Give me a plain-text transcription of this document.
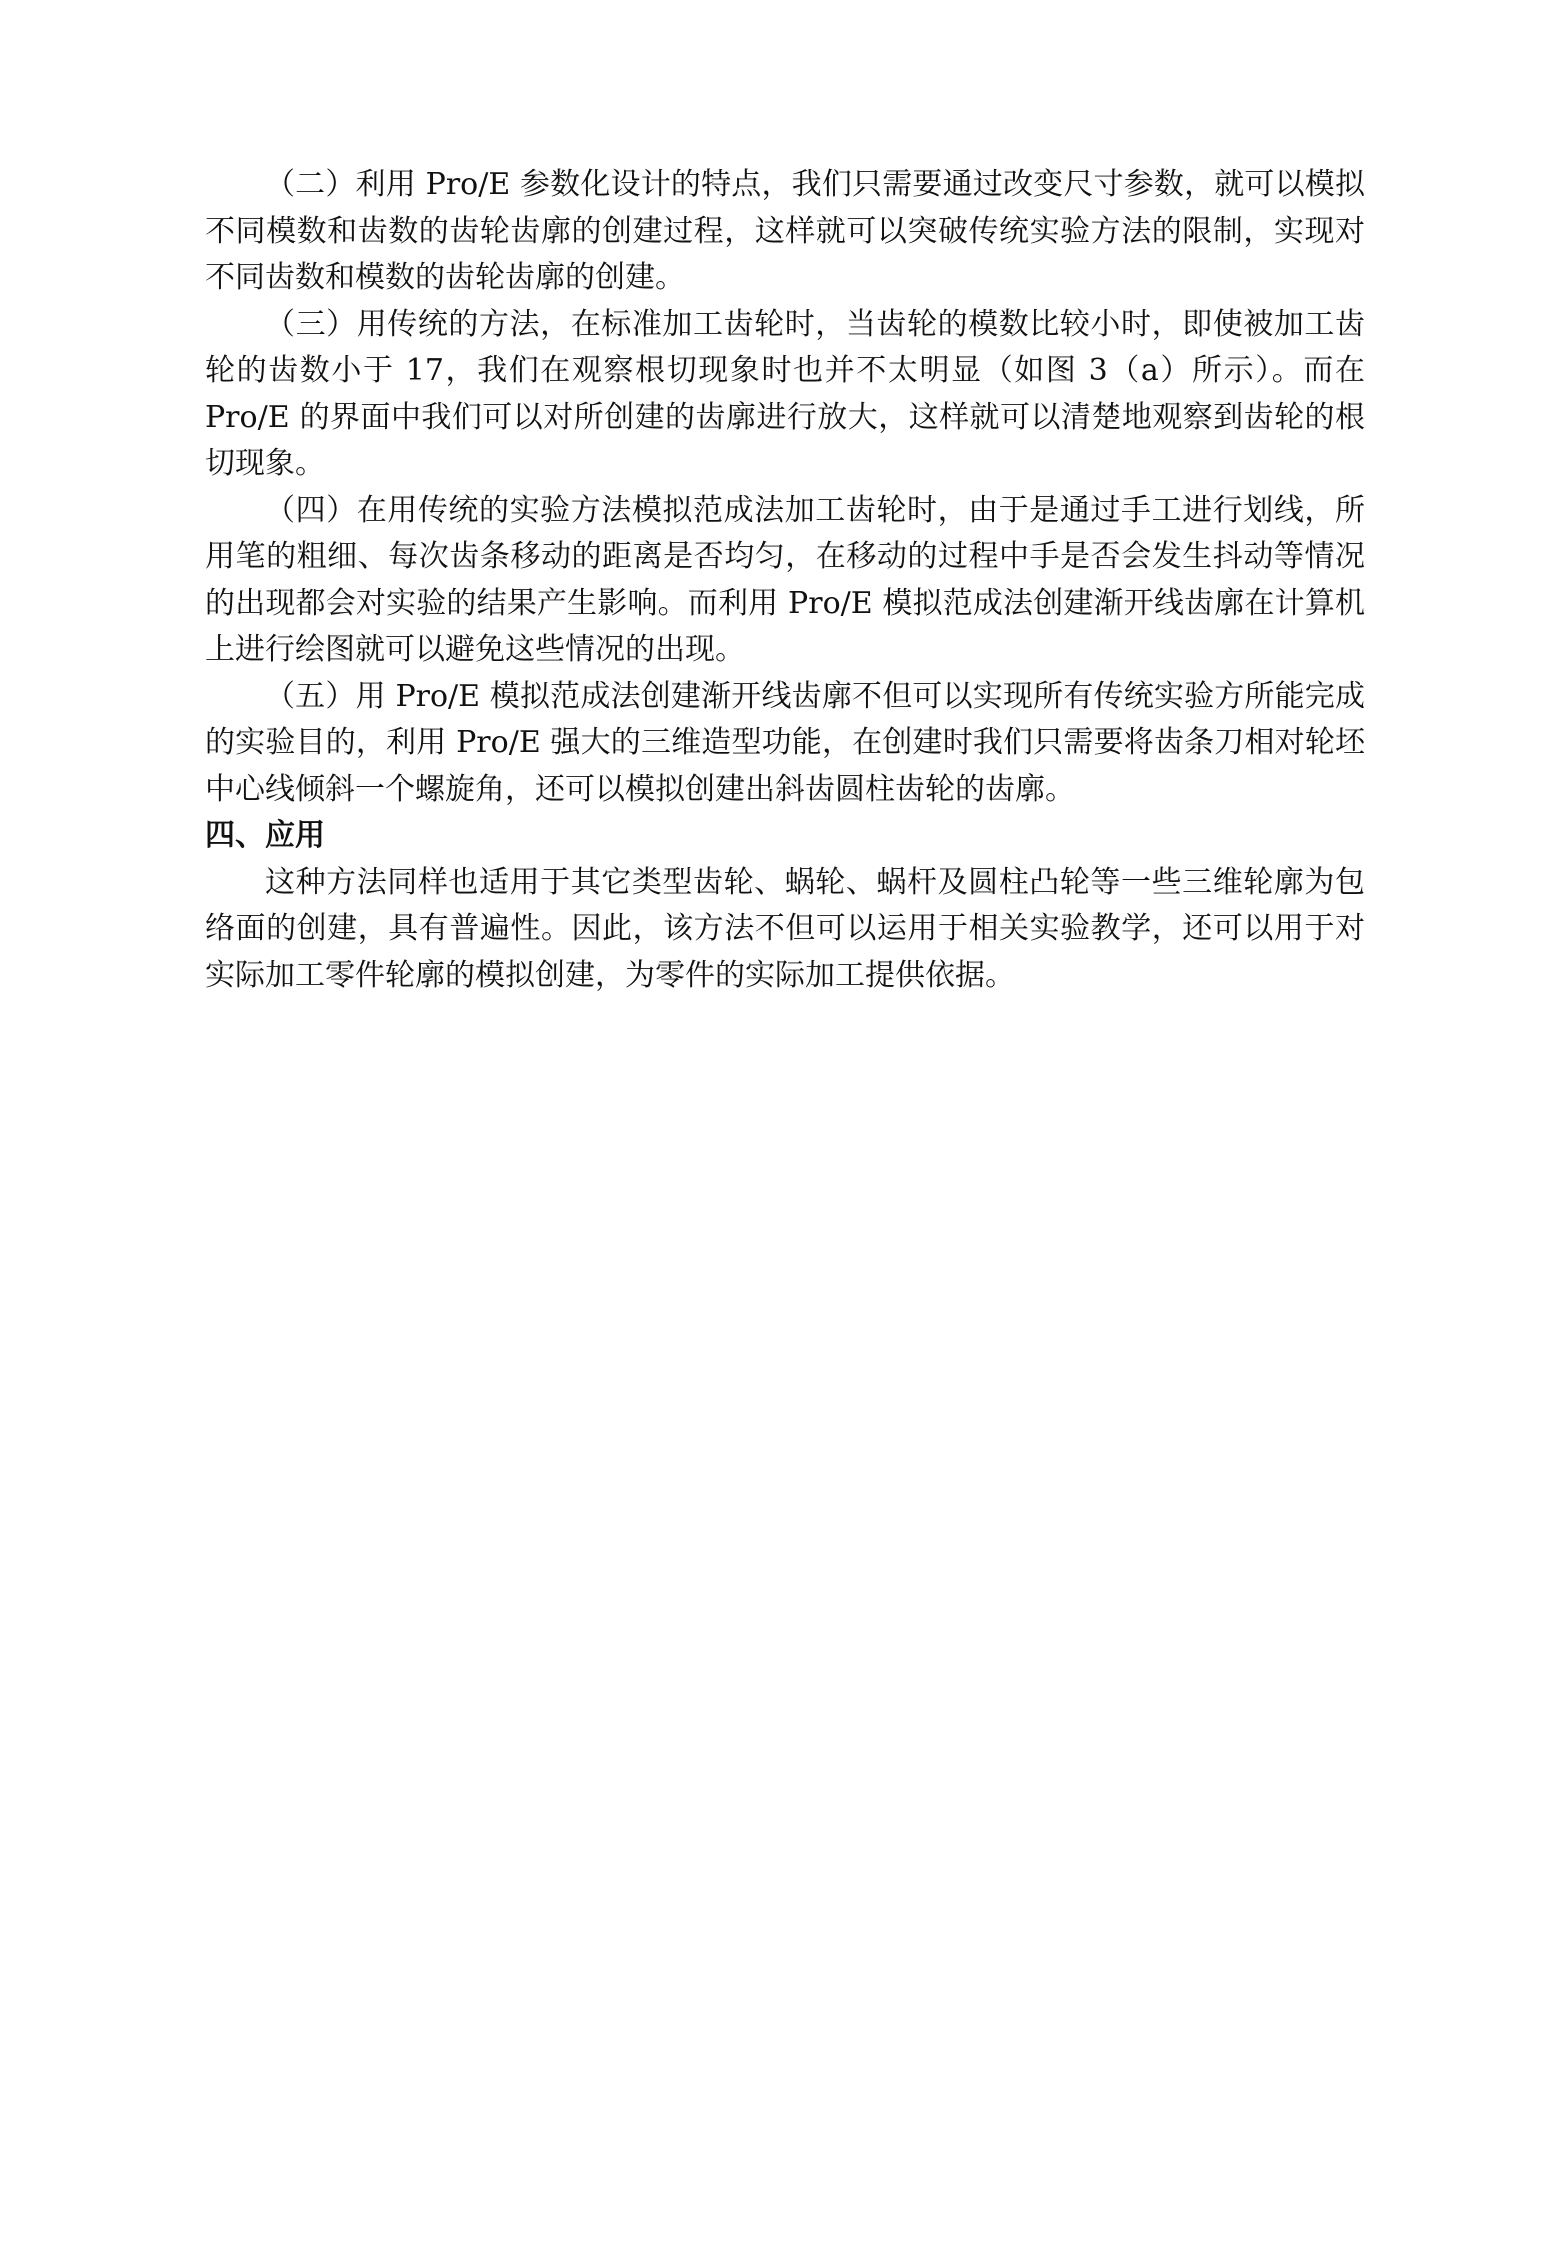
（二）利用 Pro/E 参数化设计的特点，我们只需要通过改变尺寸参数，就可以模拟不同模数和齿数的齿轮齿廓的创建过程，这样就可以突破传统实验方法的限制，实现对不同齿数和模数的齿轮齿廓的创建。

（三）用传统的方法，在标准加工齿轮时，当齿轮的模数比较小时，即使被加工齿轮的齿数小于 17，我们在观察根切现象时也并不太明显（如图 3（a）所示）。而在 Pro/E 的界面中我们可以对所创建的齿廓进行放大，这样就可以清楚地观察到齿轮的根切现象。

（四）在用传统的实验方法模拟范成法加工齿轮时，由于是通过手工进行划线，所用笔的粗细、每次齿条移动的距离是否均匀，在移动的过程中手是否会发生抖动等情况的出现都会对实验的结果产生影响。而利用 Pro/E 模拟范成法创建渐开线齿廓在计算机上进行绘图就可以避免这些情况的出现。

（五）用 Pro/E 模拟范成法创建渐开线齿廓不但可以实现所有传统实验方所能完成的实验目的，利用 Pro/E 强大的三维造型功能，在创建时我们只需要将齿条刀相对轮坯中心线倾斜一个螺旋角，还可以模拟创建出斜齿圆柱齿轮的齿廓。

四、应用

这种方法同样也适用于其它类型齿轮、蜗轮、蜗杆及圆柱凸轮等一些三维轮廓为包络面的创建，具有普遍性。因此，该方法不但可以运用于相关实验教学，还可以用于对实际加工零件轮廓的模拟创建，为零件的实际加工提供依据。
